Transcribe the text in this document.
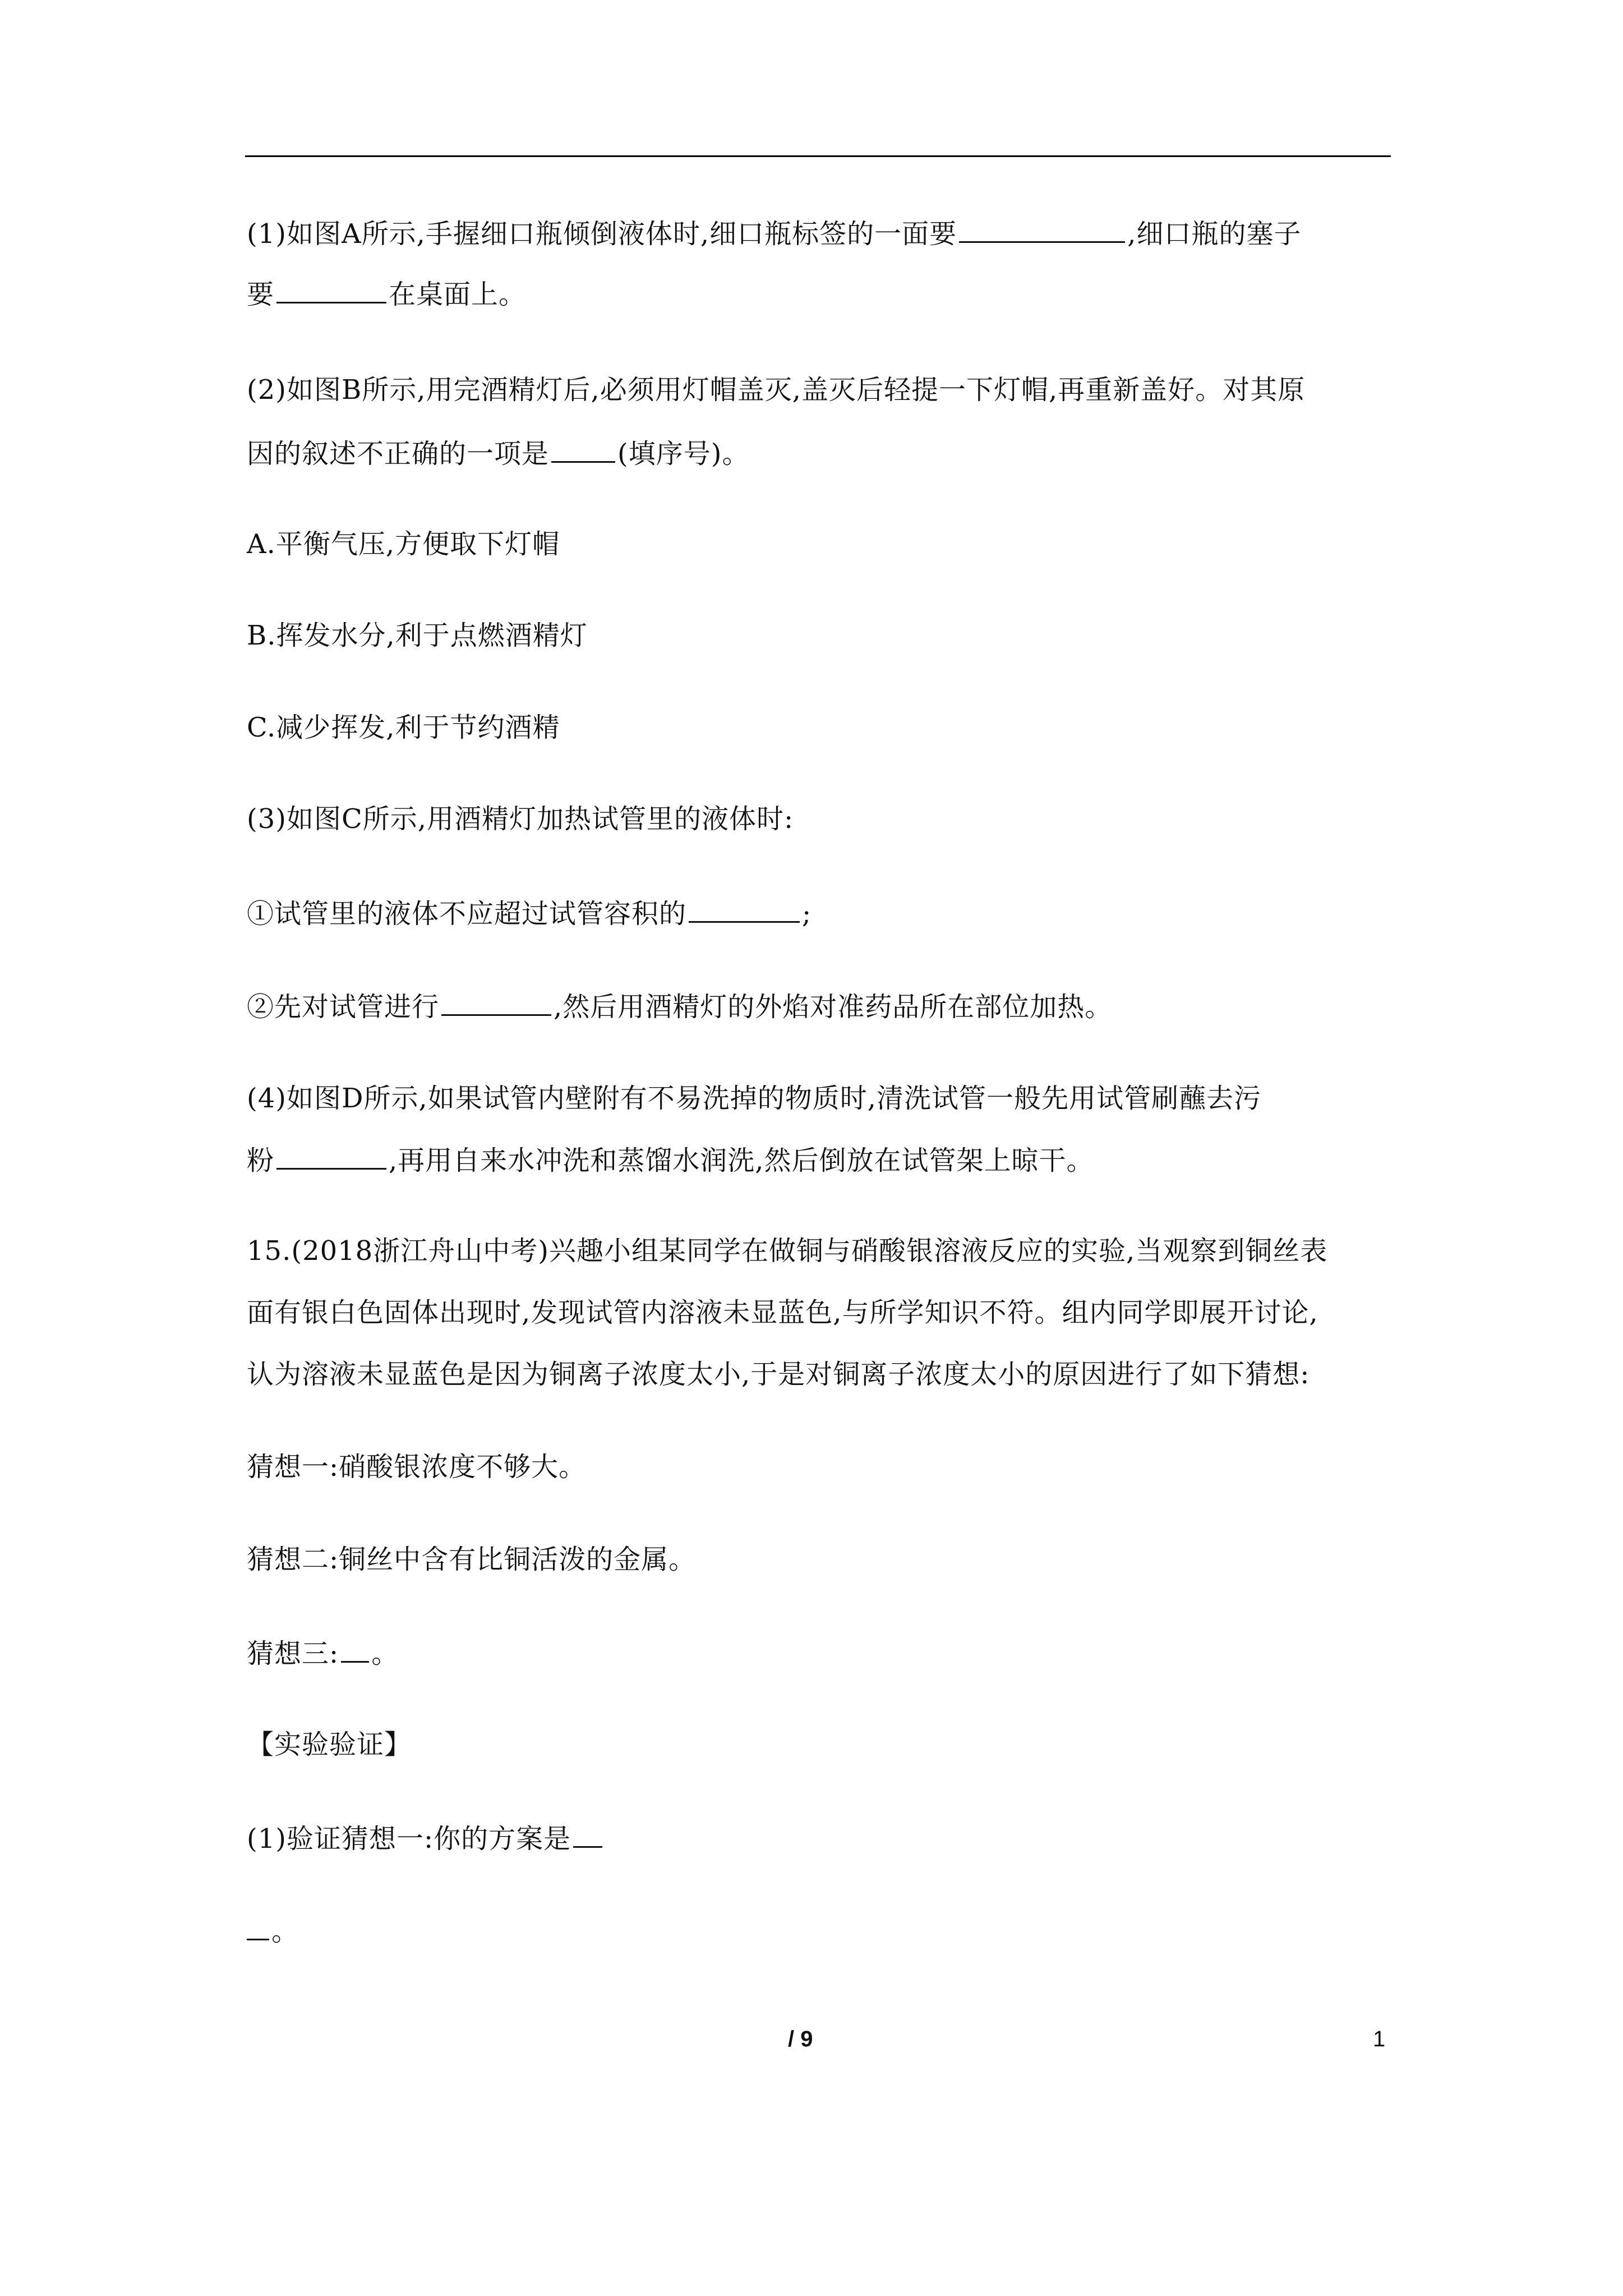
(1)如图A所示,手握细口瓶倾倒液体时,细口瓶标签的一面要	,细口瓶的塞子
要	在桌面上。
(2)如图B所示,用完酒精灯后,必须用灯帽盖灭,盖灭后轻提一下灯帽,再重新盖好。对其原
因的叙述不正确的一项是	(填序号)。
A.平衡气压,方便取下灯帽
B.挥发水分,利于点燃酒精灯
C.减少挥发,利于节约酒精
(3)如图C所示,用酒精灯加热试管里的液体时:
①试管里的液体不应超过试管容积的	;
②先对试管进行	,然后用酒精灯的外焰对准药品所在部位加热。
(4)如图D所示,如果试管内壁附有不易洗掉的物质时,清洗试管一般先用试管刷蘸去污
粉	,再用自来水冲洗和蒸馏水润洗,然后倒放在试管架上晾干。
15.(2018浙江舟山中考)兴趣小组某同学在做铜与硝酸银溶液反应的实验,当观察到铜丝表
面有银白色固体出现时,发现试管内溶液未显蓝色,与所学知识不符。组内同学即展开讨论,
认为溶液未显蓝色是因为铜离子浓度太小,于是对铜离子浓度太小的原因进行了如下猜想:
猜想一:硝酸银浓度不够大。
猜想二:铜丝中含有比铜活泼的金属。
猜想三: 。
【实验验证】
(1)验证猜想一:你的方案是
。
/ 9	1
